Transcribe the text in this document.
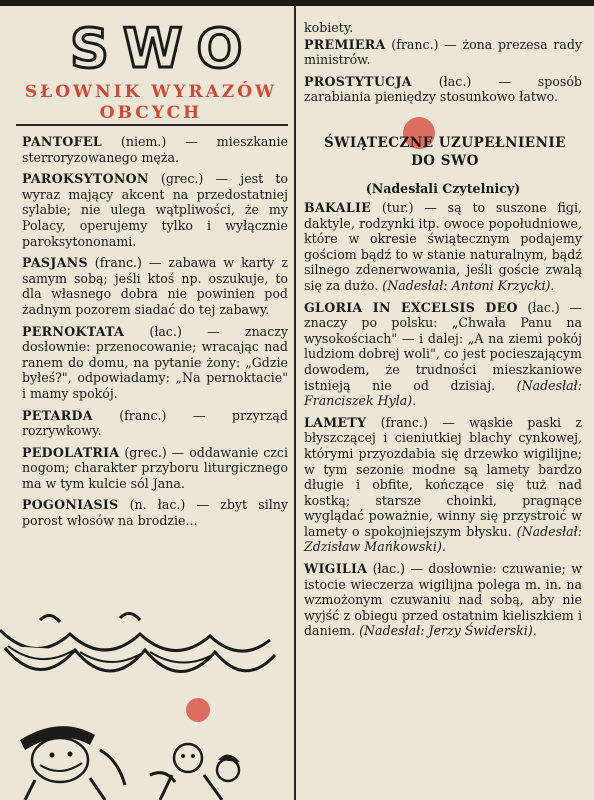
SWO
SŁOWNIK WYRAZÓW
OBCYCH

PANTOFEL (niem.) — mieszkanie sterroryzowanego męża.

PAROKSYTONON (grec.) — jest to wyraz mający akcent na przedostatniej sylabie; nie ulega wątpliwości, że my Polacy, operujemy tylko i wyłącznie paroksytononami.

PASJANS (franc.) — zabawa w karty z samym sobą; jeśli ktoś np. oszukuje, to dla własnego dobra nie powinien pod żadnym pozorem siadać do tej zabawy.

PERNOKTATA (łac.) — znaczy dosłownie: przenocowanie; wracając nad ranem do domu, na pytanie żony: „Gdzie byłeś?", odpowiadamy: „Na pernoktacie" i mamy spokój.

PETARDA (franc.) — przyrząd rozrywkowy.

PEDOLATRIA (grec.) — oddawanie czci nogom; charakter przyboru liturgicznego ma w tym kulcie sól Jana.

POGONIASIS (n. łac.) — zbyt silny porost włosów na brodzie...

kobiety.

PREMIERA (franc.) — żona prezesa rady ministrów.

PROSTYTUCJA (łac.) — sposób zarabiania pieniędzy stosunkowo łatwo.

ŚWIĄTECZNE UZUPEŁNIENIE
DO SWO
(Nadesłali Czytelnicy)

BAKALIE (tur.) — są to suszone figi, daktyle, rodzynki itp. owoce popołudniowe, które w okresie świątecznym podajemy gościom bądź to w stanie naturalnym, bądź silnego zdenerwowania, jeśli goście zwalą się za dużo. (Nadesłał: Antoni Krzycki).

GLORIA IN EXCELSIS DEO (łac.) — znaczy po polsku: „Chwała Panu na wysokościach" — i dalej: „A na ziemi pokój ludziom dobrej woli", co jest pocieszającym dowodem, że trudności mieszkaniowe istnieją nie od dzisiaj. (Nadesłał: Franciszek Hyla).

LAMETY (franc.) — wąskie paski z błyszczącej i cieniutkiej blachy cynkowej, którymi przyozdabia się drzewko wigilijne; w tym sezonie modne są lamety bardzo długie i obfite, kończące się tuż nad kostką; starsze choinki, pragnące wyglądać poważnie, winny się przystroić w lamety o spokojniejszym błysku. (Nadesłał: Zdzisław Mańkowski).

WIGILIA (łac.) — dosłownie: czuwanie; w istocie wieczerza wigilijna polega m. in. na wzmożonym czuwaniu nad sobą, aby nie wyjść z obiegu przed ostatnim kieliszkiem i daniem. (Nadesłał: Jerzy Świderski).
